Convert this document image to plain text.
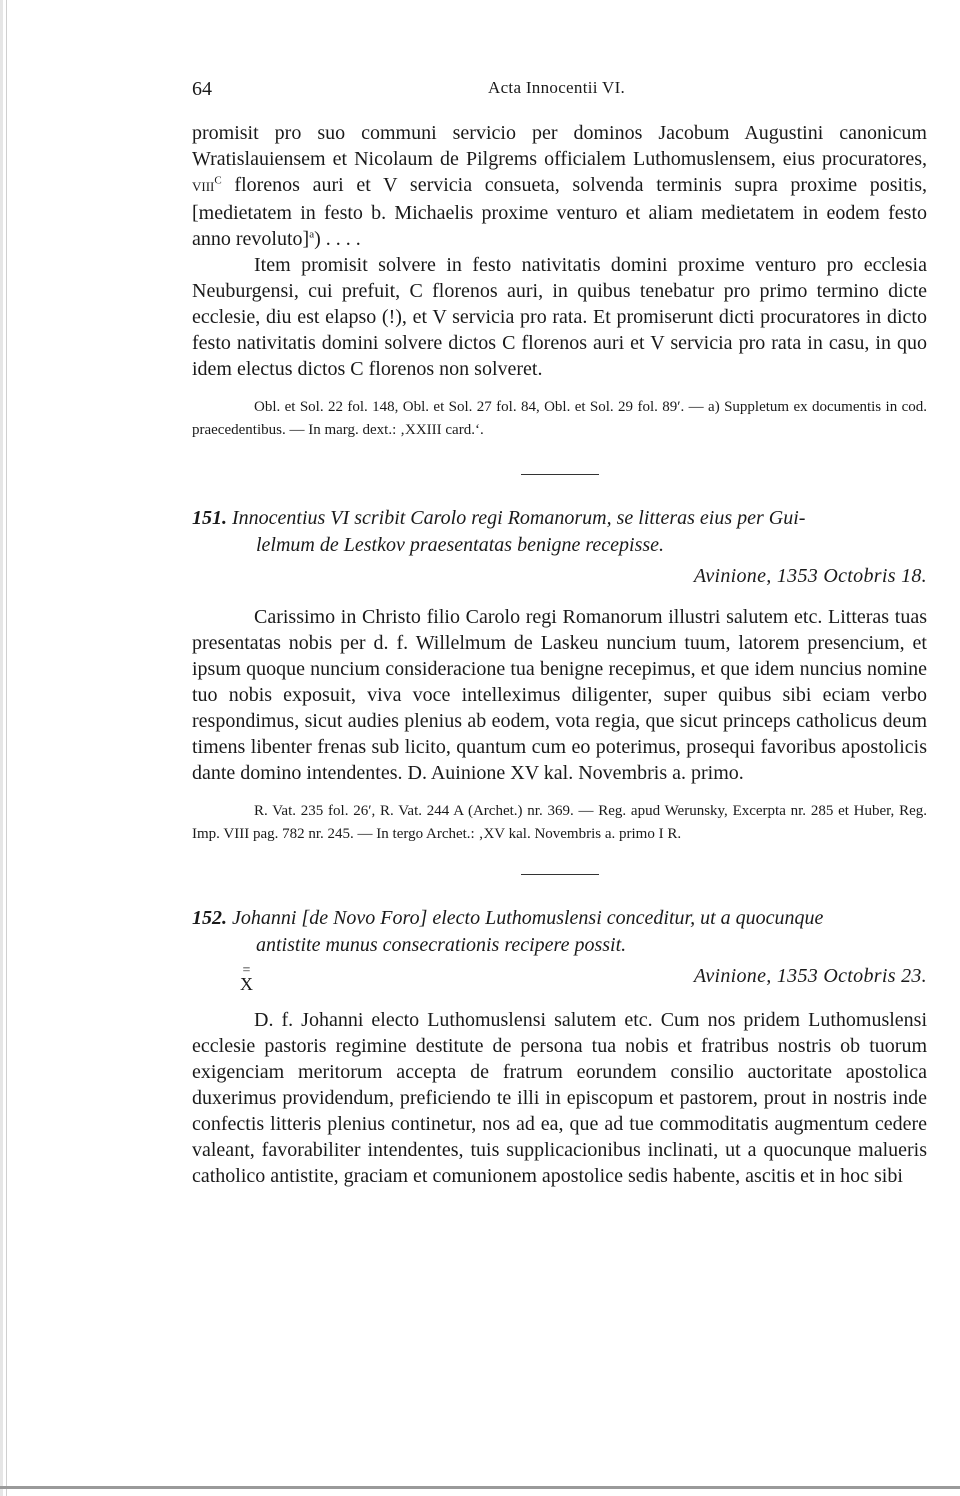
64	Acta Innocentii VI.

promisit pro suo communi servicio per dominos Jacobum Augustini canonicum Wratislauiensem et Nicolaum de Pilgrems officialem Luthomuslensem, eius procuratores, $VIII^C$ florenos auri et V servicia consueta, solvenda terminis supra proxime positis, [medietatem in festo b. Michaelis proxime venturo et aliam medietatem in eodem festo anno revoluto]$^a$) . . . .

Item promisit solvere in festo nativitatis domini proxime venturo pro ecclesia Neuburgensi, cui prefuit, C florenos auri, in quibus tenebatur pro primo termino dicte ecclesie, diu est elapso (!), et V servicia pro rata. Et promiserunt dicti procuratores in dicto festo nativitatis domini solvere dictos C florenos auri et V servicia pro rata in casu, in quo idem electus dictos C florenos non solveret.

Obl. et Sol. 22 fol. 148, Obl. et Sol. 27 fol. 84, Obl. et Sol. 29 fol. 89ʹ. — a) Suppletum ex documentis in cod. praecedentibus. — In marg. dext.: ‚XXIII card.‘.

151. Innocentius VI scribit Carolo regi Romanorum, se litteras eius per Gui-
lelmum de Lestkov praesentatas benigne recepisse.

Avinione, 1353 Octobris 18.

Carissimo in Christo filio Carolo regi Romanorum illustri salutem etc. Litteras tuas presentatas nobis per d. f. Willelmum de Laskeu nuncium tuum, latorem presencium, et ipsum quoque nuncium consideracione tua benigne recepimus, et que idem nuncius nomine tuo nobis exposuit, viva voce intelleximus diligenter, super quibus sibi eciam verbo respondimus, sicut audies plenius ab eodem, vota regia, que sicut princeps catholicus deum timens libenter frenas sub licito, quantum cum eo poterimus, prosequi favoribus apostolicis dante domino intendentes. D. Auinione XV kal. Novembris a. primo.

R. Vat. 235 fol. 26ʹ, R. Vat. 244 A (Archet.) nr. 369. — Reg. apud Werunsky, Excerpta nr. 285 et Huber, Reg. Imp. VIII pag. 782 nr. 245. — In tergo Archet.: ‚XV kal. Novembris a. primo I R.

152. Johanni [de Novo Foro] electo Luthomuslensi conceditur, ut a quocunque
antistite munus consecrationis recipere possit.

=
X	Avinione, 1353 Octobris 23.

D. f. Johanni electo Luthomuslensi salutem etc. Cum nos pridem Luthomuslensi ecclesie pastoris regimine destitute de persona tua nobis et fratribus nostris ob tuorum exigenciam meritorum accepta de fratrum eorundem consilio auctoritate apostolica duxerimus providendum, preficiendo te illi in episcopum et pastorem, prout in nostris inde confectis litteris plenius continetur, nos ad ea, que ad tue commoditatis augmentum cedere valeant, favorabiliter intendentes, tuis supplicacionibus inclinati, ut a quocunque malueris catholico antistite, graciam et comunionem apostolice sedis habente, ascitis et in hoc sibi
